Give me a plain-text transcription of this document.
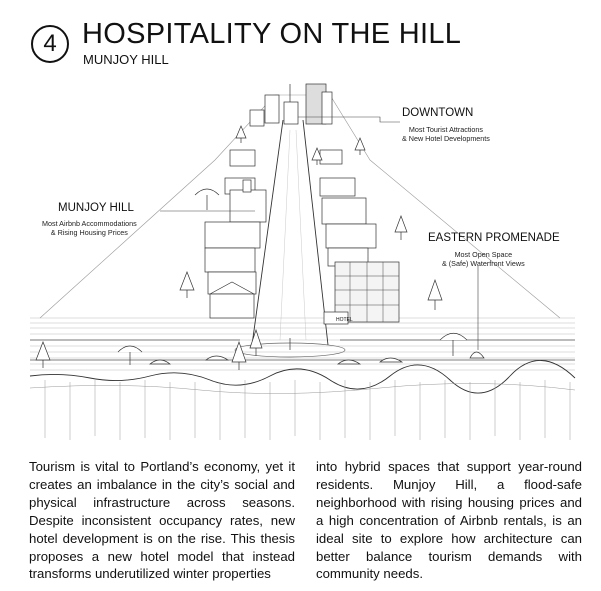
4 HOSPITALITY ON THE HILL
MUNJOY HILL
HOTEL
DOWNTOWN
Most Tourist Attractions
& New Hotel Developments
MUNJOY HILL
Most Airbnb Accommodations
& Rising Housing Prices	EASTERN PROMENADE
Most Open Space
& (Safe) Waterfront Views
Tourism is vital to Portland’s economy, yet it creates an imbalance in the city’s social and physical infrastructure across seasons. Despite inconsistent occupancy rates, new hotel development is on the rise. This thesis proposes a new hotel model that instead transforms underutilized winter properties
into hybrid spaces that support year-round residents. Munjoy Hill, a flood-safe neighborhood with rising housing prices and a high concentration of Airbnb rentals, is an ideal site to explore how architecture can better balance tourism demands with community needs.
